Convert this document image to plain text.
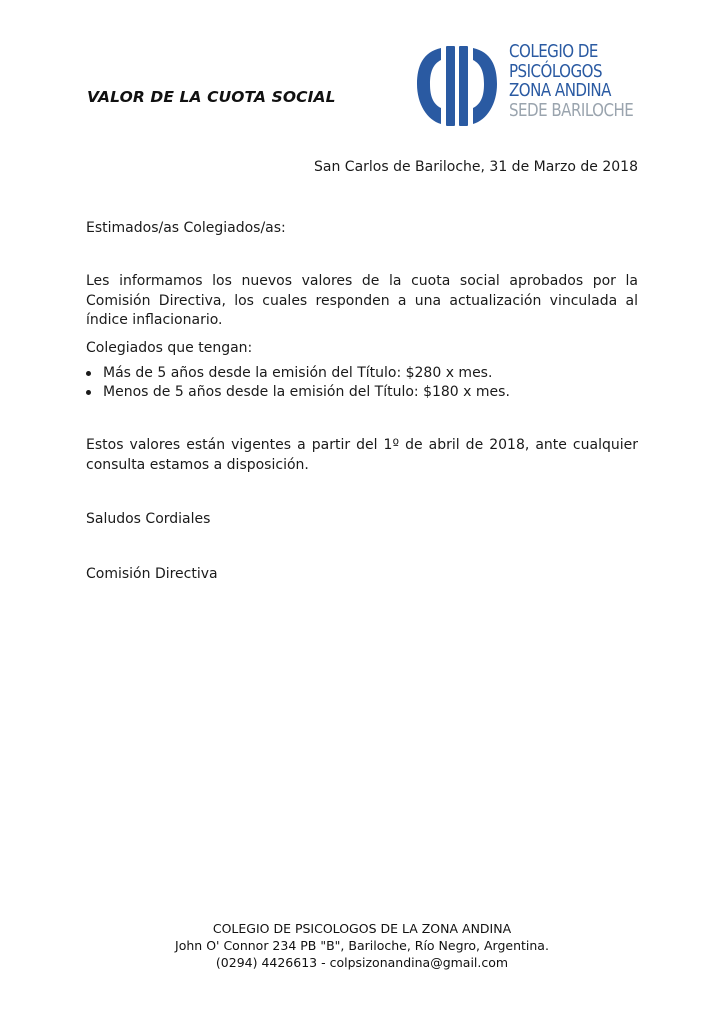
VALOR DE LA CUOTA SOCIAL
COLEGIO DE
PSICÓLOGOS
ZONA ANDINA
SEDE BARILOCHE
San Carlos de Bariloche, 31 de Marzo de 2018
Estimados/as Colegiados/as:
Les informamos los nuevos valores de la cuota social aprobados por la Comisión Directiva, los cuales responden a una actualización vinculada al índice inflacionario.
Colegiados que tengan:
Más de 5 años desde la emisión del Título: $280 x mes.
Menos de 5 años desde la emisión del Título: $180 x mes.
Estos valores están vigentes a partir del 1º de abril de 2018, ante cualquier consulta estamos a disposición.
Saludos Cordiales
Comisión Directiva
COLEGIO DE PSICOLOGOS DE LA ZONA ANDINA
John O' Connor 234 PB "B", Bariloche, Río Negro, Argentina.
(0294) 4426613 - colpsizonandina@gmail.com
